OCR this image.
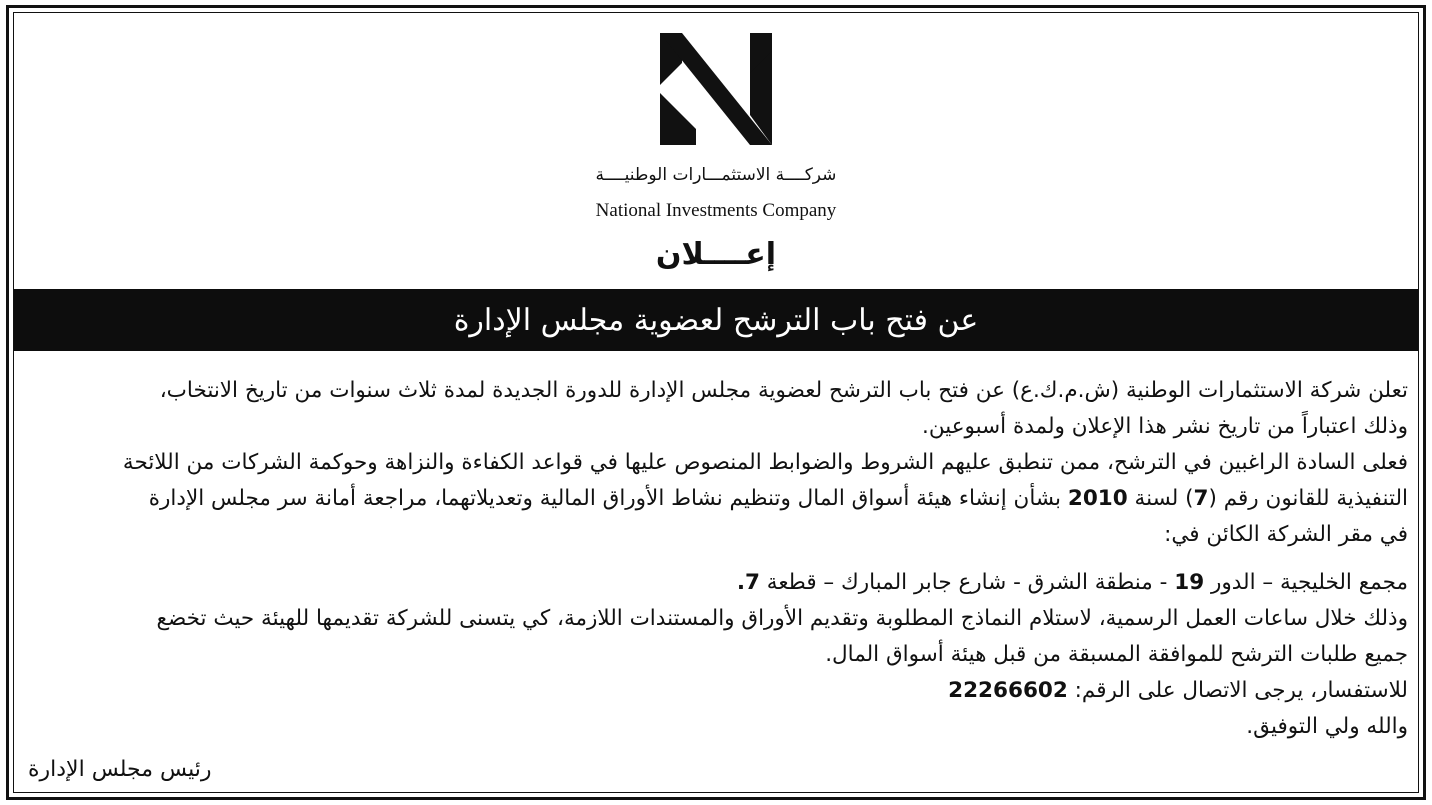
شركــــة الاستثمـــارات الوطنيــــة
National Investments Company
إعــــلان
عن فتح باب الترشح لعضوية مجلس الإدارة
تعلن شركة الاستثمارات الوطنية (ش.م.ك.ع) عن فتح باب الترشح لعضوية مجلس الإدارة للدورة الجديدة لمدة ثلاث سنوات من تاريخ الانتخاب،
وذلك اعتباراً من تاريخ نشر هذا الإعلان ولمدة أسبوعين.
فعلى السادة الراغبين في الترشح، ممن تنطبق عليهم الشروط والضوابط المنصوص عليها في قواعد الكفاءة والنزاهة وحوكمة الشركات من اللائحة
التنفيذية للقانون رقم (7) لسنة 2010 بشأن إنشاء هيئة أسواق المال وتنظيم نشاط الأوراق المالية وتعديلاتهما، مراجعة أمانة سر مجلس الإدارة
في مقر الشركة الكائن في:
مجمع الخليجية – الدور 19 - منطقة الشرق - شارع جابر المبارك – قطعة 7.
وذلك خلال ساعات العمل الرسمية، لاستلام النماذج المطلوبة وتقديم الأوراق والمستندات اللازمة، كي يتسنى للشركة تقديمها للهيئة حيث تخضع
جميع طلبات الترشح للموافقة المسبقة من قبل هيئة أسواق المال.
للاستفسار، يرجى الاتصال على الرقم: 22266602
والله ولي التوفيق.
رئيس مجلس الإدارة
